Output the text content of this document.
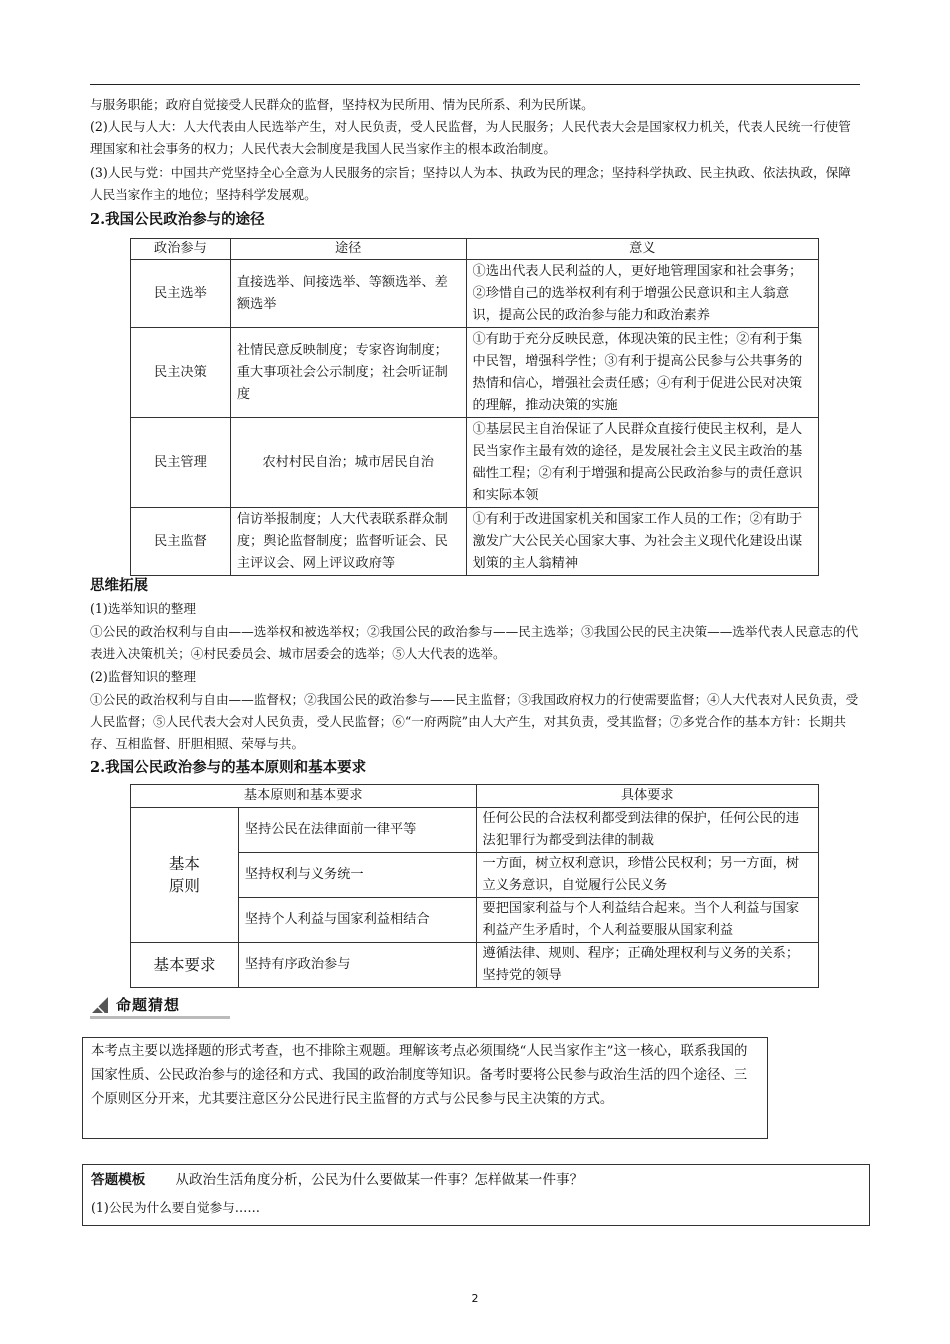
与服务职能；政府自觉接受人民群众的监督，坚持权为民所用、情为民所系、利为民所谋。
(2)人民与人大：人大代表由人民选举产生，对人民负责，受人民监督，为人民服务；人民代表大会是国家权力机关，代表人民统一行使管理国家和社会事务的权力；人民代表大会制度是我国人民当家作主的根本政治制度。
(3)人民与党：中国共产党坚持全心全意为人民服务的宗旨；坚持以人为本、执政为民的理念；坚持科学执政、民主执政、依法执政，保障人民当家作主的地位；坚持科学发展观。
2.我国公民政治参与的途径
政治参与	途径	意义
民主选举	直接选举、间接选举、等额选举、差额选举	①选出代表人民利益的人，更好地管理国家和社会事务；②珍惜自己的选举权利有利于增强公民意识和主人翁意识，提高公民的政治参与能力和政治素养
民主决策	社情民意反映制度；专家咨询制度；重大事项社会公示制度；社会听证制度	①有助于充分反映民意，体现决策的民主性；②有利于集中民智，增强科学性；③有利于提高公民参与公共事务的热情和信心，增强社会责任感；④有利于促进公民对决策的理解，推动决策的实施
民主管理	农村村民自治；城市居民自治	①基层民主自治保证了人民群众直接行使民主权利，是人民当家作主最有效的途径，是发展社会主义民主政治的基础性工程；②有利于增强和提高公民政治参与的责任意识和实际本领
民主监督	信访举报制度；人大代表联系群众制度；舆论监督制度；监督听证会、民主评议会、网上评议政府等	①有利于改进国家机关和国家工作人员的工作；②有助于激发广大公民关心国家大事、为社会主义现代化建设出谋划策的主人翁精神
思维拓展
(1)选举知识的整理
①公民的政治权利与自由——选举权和被选举权；②我国公民的政治参与——民主选举；③我国公民的民主决策——选举代表人民意志的代表进入决策机关；④村民委员会、城市居委会的选举；⑤人大代表的选举。
(2)监督知识的整理
①公民的政治权利与自由——监督权；②我国公民的政治参与——民主监督；③我国政府权力的行使需要监督；④人大代表对人民负责，受人民监督；⑤人民代表大会对人民负责，受人民监督；⑥“一府两院”由人大产生，对其负责，受其监督；⑦多党合作的基本方针：长期共存、互相监督、肝胆相照、荣辱与共。
2.我国公民政治参与的基本原则和基本要求
基本原则和基本要求		具体要求
基本原则	坚持公民在法律面前一律平等	任何公民的合法权利都受到法律的保护，任何公民的违法犯罪行为都受到法律的制裁
	坚持权利与义务统一	一方面，树立权利意识，珍惜公民权利；另一方面，树立义务意识，自觉履行公民义务
	坚持个人利益与国家利益相结合	要把国家利益与个人利益结合起来。当个人利益与国家利益产生矛盾时，个人利益要服从国家利益
基本要求	坚持有序政治参与	遵循法律、规则、程序；正确处理权利与义务的关系；坚持党的领导
命题猜想
本考点主要以选择题的形式考查，也不排除主观题。理解该考点必须围绕“人民当家作主”这一核心，联系我国的国家性质、公民政治参与的途径和方式、我国的政治制度等知识。备考时要将公民参与政治生活的四个途径、三个原则区分开来，尤其要注意区分公民进行民主监督的方式与公民参与民主决策的方式。
答题模板 从政治生活角度分析，公民为什么要做某一件事？怎样做某一件事？
(1)公民为什么要自觉参与……
2
